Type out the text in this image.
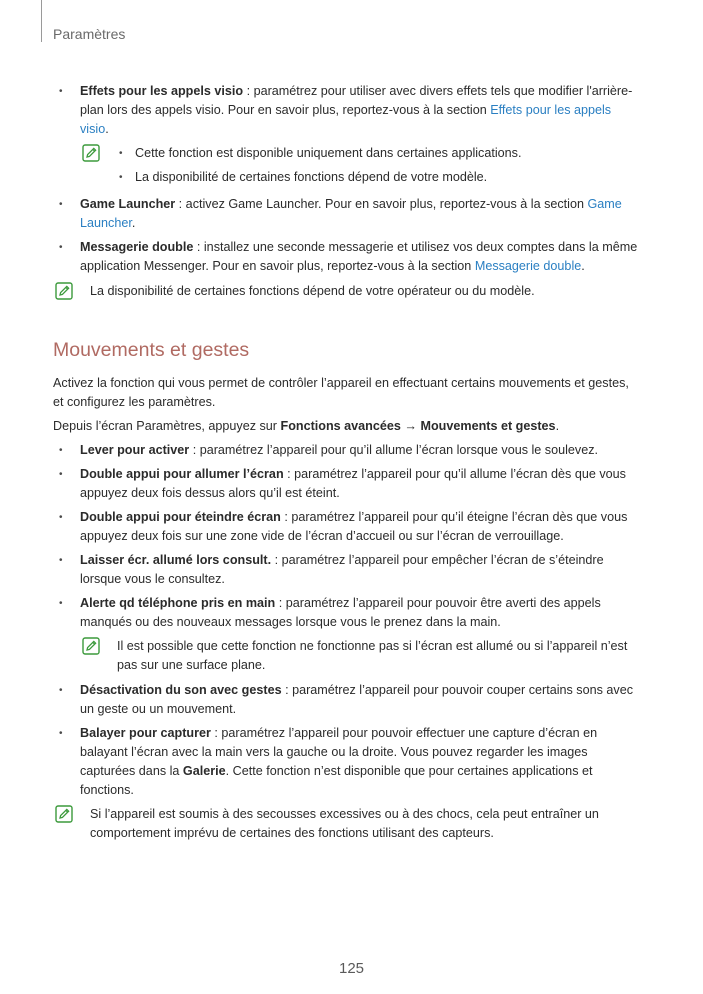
Paramètres
• Effets pour les appels visio : paramétrez pour utiliser avec divers effets tels que modifier l'arrière-plan lors des appels visio. Pour en savoir plus, reportez-vous à la section Effets pour les appels visio.
• Cette fonction est disponible uniquement dans certaines applications.
• La disponibilité de certaines fonctions dépend de votre modèle.
• Game Launcher : activez Game Launcher. Pour en savoir plus, reportez-vous à la section Game Launcher.
• Messagerie double : installez une seconde messagerie et utilisez vos deux comptes dans la même application Messenger. Pour en savoir plus, reportez-vous à la section Messagerie double.
La disponibilité de certaines fonctions dépend de votre opérateur ou du modèle.
Mouvements et gestes
Activez la fonction qui vous permet de contrôler l’appareil en effectuant certains mouvements et gestes, et configurez les paramètres.
Depuis l’écran Paramètres, appuyez sur Fonctions avancées → Mouvements et gestes.
• Lever pour activer : paramétrez l’appareil pour qu’il allume l’écran lorsque vous le soulevez.
• Double appui pour allumer l’écran : paramétrez l’appareil pour qu’il allume l’écran dès que vous appuyez deux fois dessus alors qu’il est éteint.
• Double appui pour éteindre écran : paramétrez l’appareil pour qu’il éteigne l’écran dès que vous appuyez deux fois sur une zone vide de l’écran d’accueil ou sur l’écran de verrouillage.
• Laisser écr. allumé lors consult. : paramétrez l’appareil pour empêcher l’écran de s’éteindre lorsque vous le consultez.
• Alerte qd téléphone pris en main : paramétrez l’appareil pour pouvoir être averti des appels manqués ou des nouveaux messages lorsque vous le prenez dans la main.
Il est possible que cette fonction ne fonctionne pas si l’écran est allumé ou si l’appareil n’est pas sur une surface plane.
• Désactivation du son avec gestes : paramétrez l’appareil pour pouvoir couper certains sons avec un geste ou un mouvement.
• Balayer pour capturer : paramétrez l’appareil pour pouvoir effectuer une capture d’écran en balayant l’écran avec la main vers la gauche ou la droite. Vous pouvez regarder les images capturées dans la Galerie. Cette fonction n’est disponible que pour certaines applications et fonctions.
Si l’appareil est soumis à des secousses excessives ou à des chocs, cela peut entraîner un comportement imprévu de certaines des fonctions utilisant des capteurs.
125
